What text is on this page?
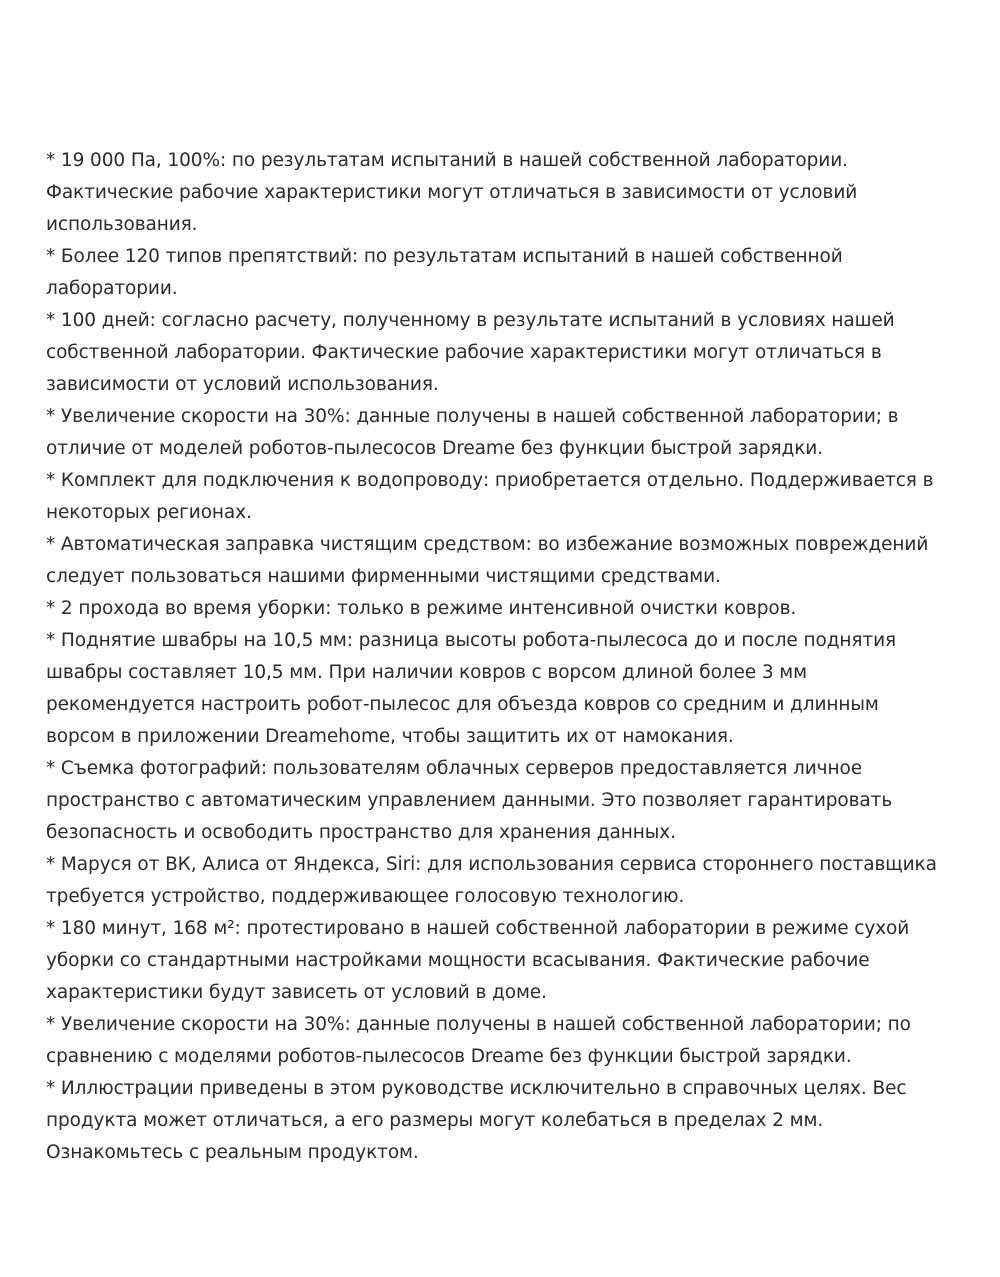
* 19 000 Па, 100%: по результатам испытаний в нашей собственной лаборатории. Фактические рабочие характеристики могут отличаться в зависимости от условий использования.

* Более 120 типов препятствий: по результатам испытаний в нашей собственной лаборатории.

* 100 дней: согласно расчету, полученному в результате испытаний в условиях нашей собственной лаборатории. Фактические рабочие характеристики могут отличаться в зависимости от условий использования.

* Увеличение скорости на 30%: данные получены в нашей собственной лаборатории; в отличие от моделей роботов-пылесосов Dreame без функции быстрой зарядки.

* Комплект для подключения к водопроводу: приобретается отдельно. Поддерживается в некоторых регионах.

* Автоматическая заправка чистящим средством: во избежание возможных повреждений следует пользоваться нашими фирменными чистящими средствами.

* 2 прохода во время уборки: только в режиме интенсивной очистки ковров.

* Поднятие швабры на 10,5 мм: разница высоты робота-пылесоса до и после поднятия швабры составляет 10,5 мм. При наличии ковров с ворсом длиной более 3 мм рекомендуется настроить робот-пылесос для объезда ковров со средним и длинным ворсом в приложении Dreamehome, чтобы защитить их от намокания.

* Съемка фотографий: пользователям облачных серверов предоставляется личное пространство с автоматическим управлением данными. Это позволяет гарантировать безопасность и освободить пространство для хранения данных.

* Маруся от ВК, Алиса от Яндекса, Siri: для использования сервиса стороннего поставщика требуется устройство, поддерживающее голосовую технологию.

* 180 минут, 168 м²: протестировано в нашей собственной лаборатории в режиме сухой уборки со стандартными настройками мощности всасывания. Фактические рабочие характеристики будут зависеть от условий в доме.

* Увеличение скорости на 30%: данные получены в нашей собственной лаборатории; по сравнению с моделями роботов-пылесосов Dreame без функции быстрой зарядки.

* Иллюстрации приведены в этом руководстве исключительно в справочных целях. Вес продукта может отличаться, а его размеры могут колебаться в пределах 2 мм. Ознакомьтесь с реальным продуктом.
